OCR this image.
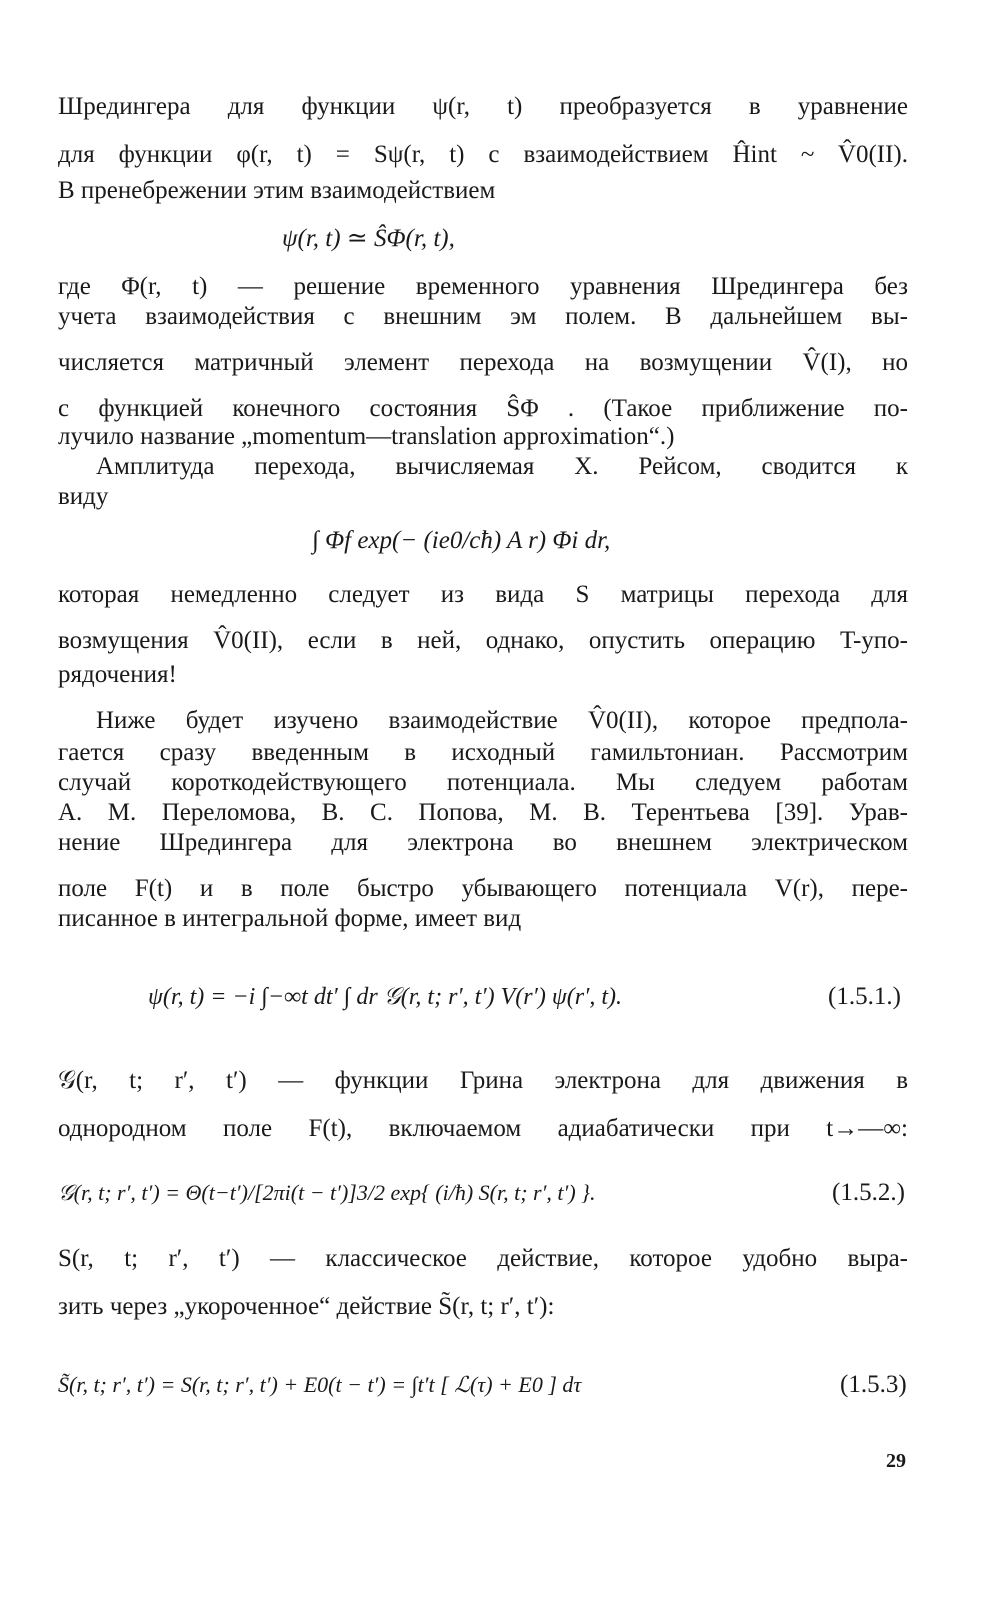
Шредингера для функции ψ(r, t) преобразуется в уравнение
для функции φ(r, t) = Sψ(r, t) с взаимодействием Ĥint ~ V̂0(II).
В пренебрежении этим взаимодействием
ψ(r, t) ≃ ŜΦ(r, t),
где Φ(r, t) — решение временного уравнения Шредингера без
учета взаимодействия с внешним эм полем. В дальнейшем вы-
числяется матричный элемент перехода на возмущении V̂(I), но
с функцией конечного состояния ŜΦ . (Такое приближение по-
лучило название „momentum—translation approximation“.)
Амплитуда перехода, вычисляемая Х. Рейсом, сводится к
виду
∫ Φf exp(− (ie0/cħ) A r) Φi dr,
которая немедленно следует из вида S матрицы перехода для
возмущения V̂0(II), если в ней, однако, опустить операцию T-упо-
рядочения!
Ниже будет изучено взаимодействие V̂0(II), которое предпола-
гается сразу введенным в исходный гамильтониан. Рассмотрим
случай короткодействующего потенциала. Мы следуем работам
А. М. Переломова, В. С. Попова, М. В. Терентьева [39]. Урав-
нение Шредингера для электрона во внешнем электрическом
поле F(t) и в поле быстро убывающего потенциала V(r), пере-
писанное в интегральной форме, имеет вид
ψ(r, t) = −i ∫−∞t dt′ ∫ dr 𝒢(r, t; r′, t′) V(r′) ψ(r′, t).	(1.5.1.)
𝒢(r, t; r′, t′) — функции Грина электрона для движения в
однородном поле F(t), включаемом адиабатически при t→—∞:
𝒢(r, t; r′, t′) = Θ(t−t′)/[2πi(t − t′)]3/2 exp{ (i/ħ) S(r, t; r′, t′) }.	(1.5.2.)
S(r, t; r′, t′) — классическое действие, которое удобно выра-
зить через „укороченное“ действие S̃(r, t; r′, t′):
S̃(r, t; r′, t′) = S(r, t; r′, t′) + E0(t − t′) = ∫t′t [ ℒ(τ) + E0 ] dτ	(1.5.3)
29
